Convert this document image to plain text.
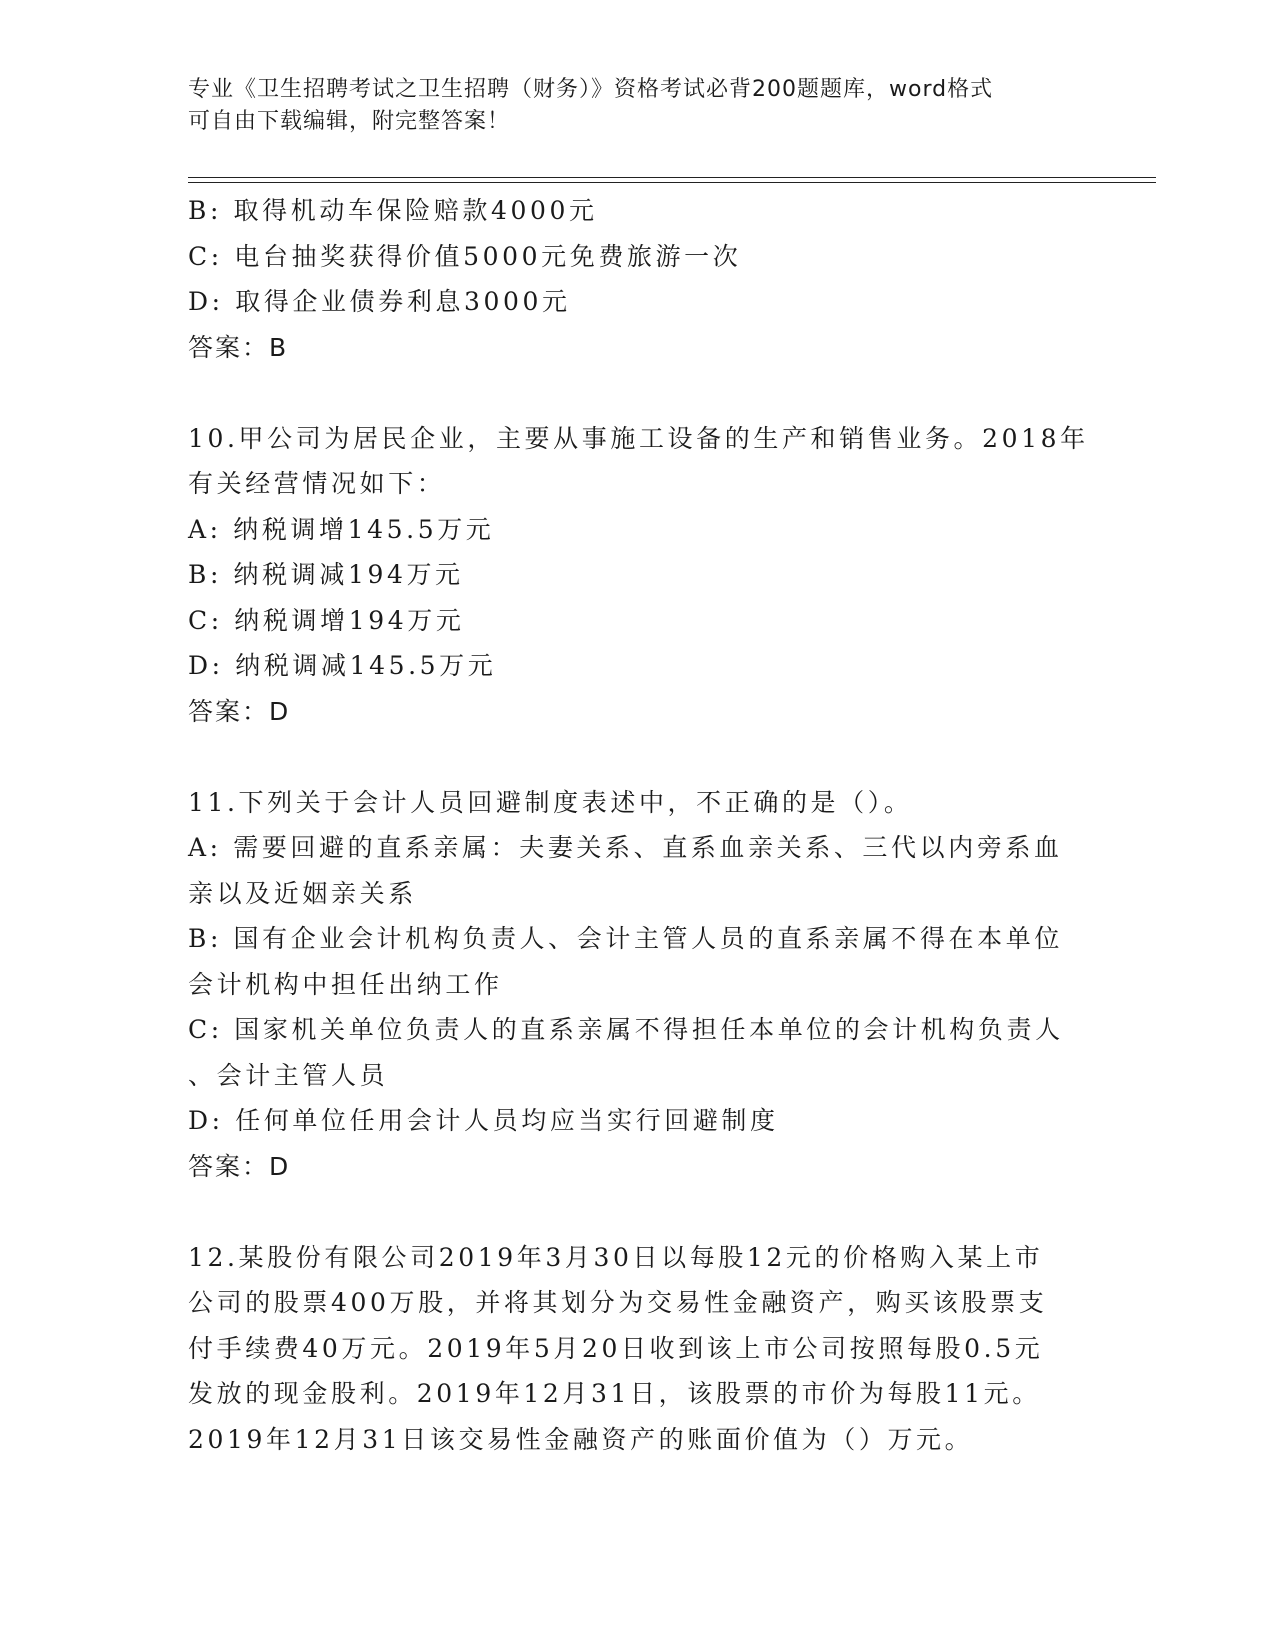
专业《卫生招聘考试之卫生招聘（财务）》资格考试必背200题题库，word格式
可自由下载编辑，附完整答案！
B: 取得机动车保险赔款4000元
C: 电台抽奖获得价值5000元免费旅游一次
D: 取得企业债券利息3000元
答案：B
10.甲公司为居民企业，主要从事施工设备的生产和销售业务。2018年
有关经营情况如下：
A: 纳税调增145.5万元
B: 纳税调减194万元
C: 纳税调增194万元
D: 纳税调减145.5万元
答案：D
11.下列关于会计人员回避制度表述中，不正确的是（）。
A: 需要回避的直系亲属：夫妻关系、直系血亲关系、三代以内旁系血
亲以及近姻亲关系
B: 国有企业会计机构负责人、会计主管人员的直系亲属不得在本单位
会计机构中担任出纳工作
C: 国家机关单位负责人的直系亲属不得担任本单位的会计机构负责人
、会计主管人员
D: 任何单位任用会计人员均应当实行回避制度
答案：D
12.某股份有限公司2019年3月30日以每股12元的价格购入某上市
公司的股票400万股，并将其划分为交易性金融资产，购买该股票支
付手续费40万元。2019年5月20日收到该上市公司按照每股0.5元
发放的现金股利。2019年12月31日，该股票的市价为每股11元。
2019年12月31日该交易性金融资产的账面价值为（）万元。
